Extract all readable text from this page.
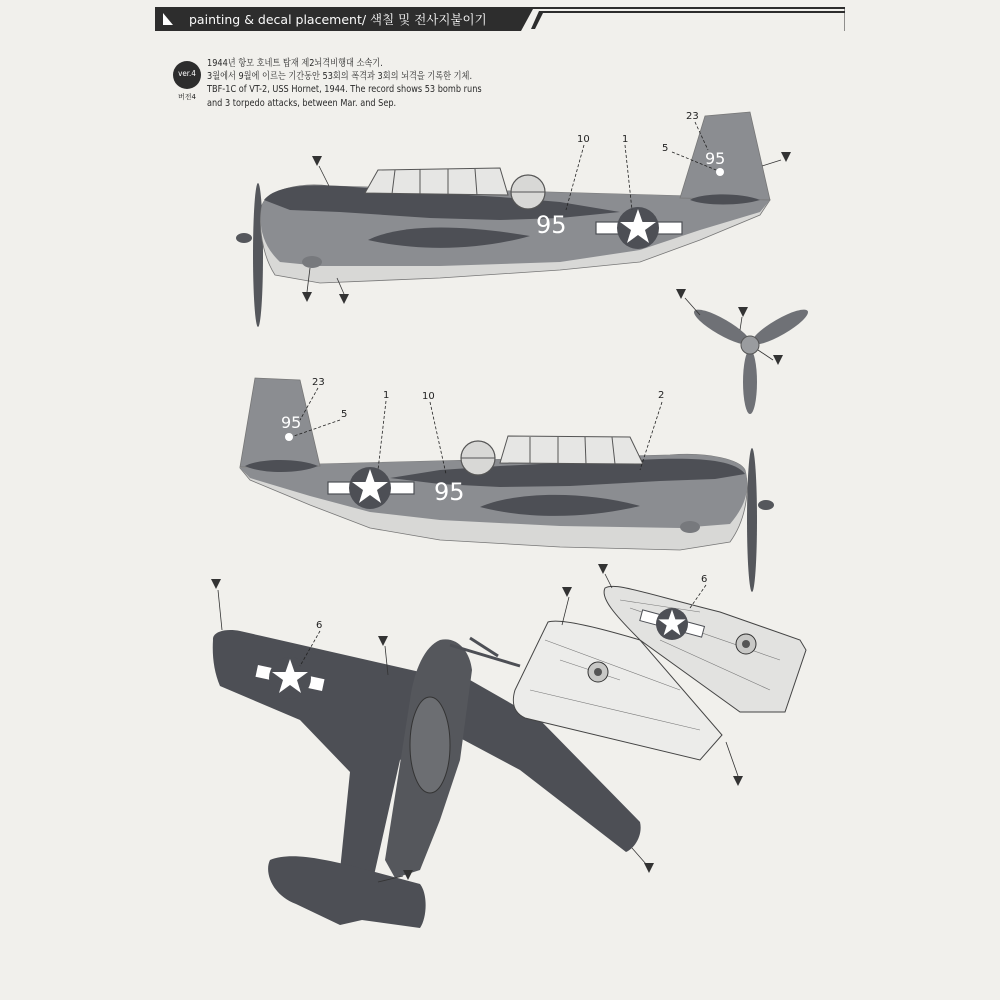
painting & decal placement/ 색칠 및 전사지붙이기
ver.4
버전4
1944년 항모 호네트 탑재 제2뇌격비행대 소속기.
3월에서 9월에 이르는 기간동안 53회의 폭격과 3회의 뇌격을 기록한 기체.
TBF-1C of VT-2, USS Hornet, 1944. The record shows 53 bomb runs
and 3 torpedo attacks, between Mar. and Sep.
95
95
10	1
23
5
95
95
23
5
1	10	2
6
6
